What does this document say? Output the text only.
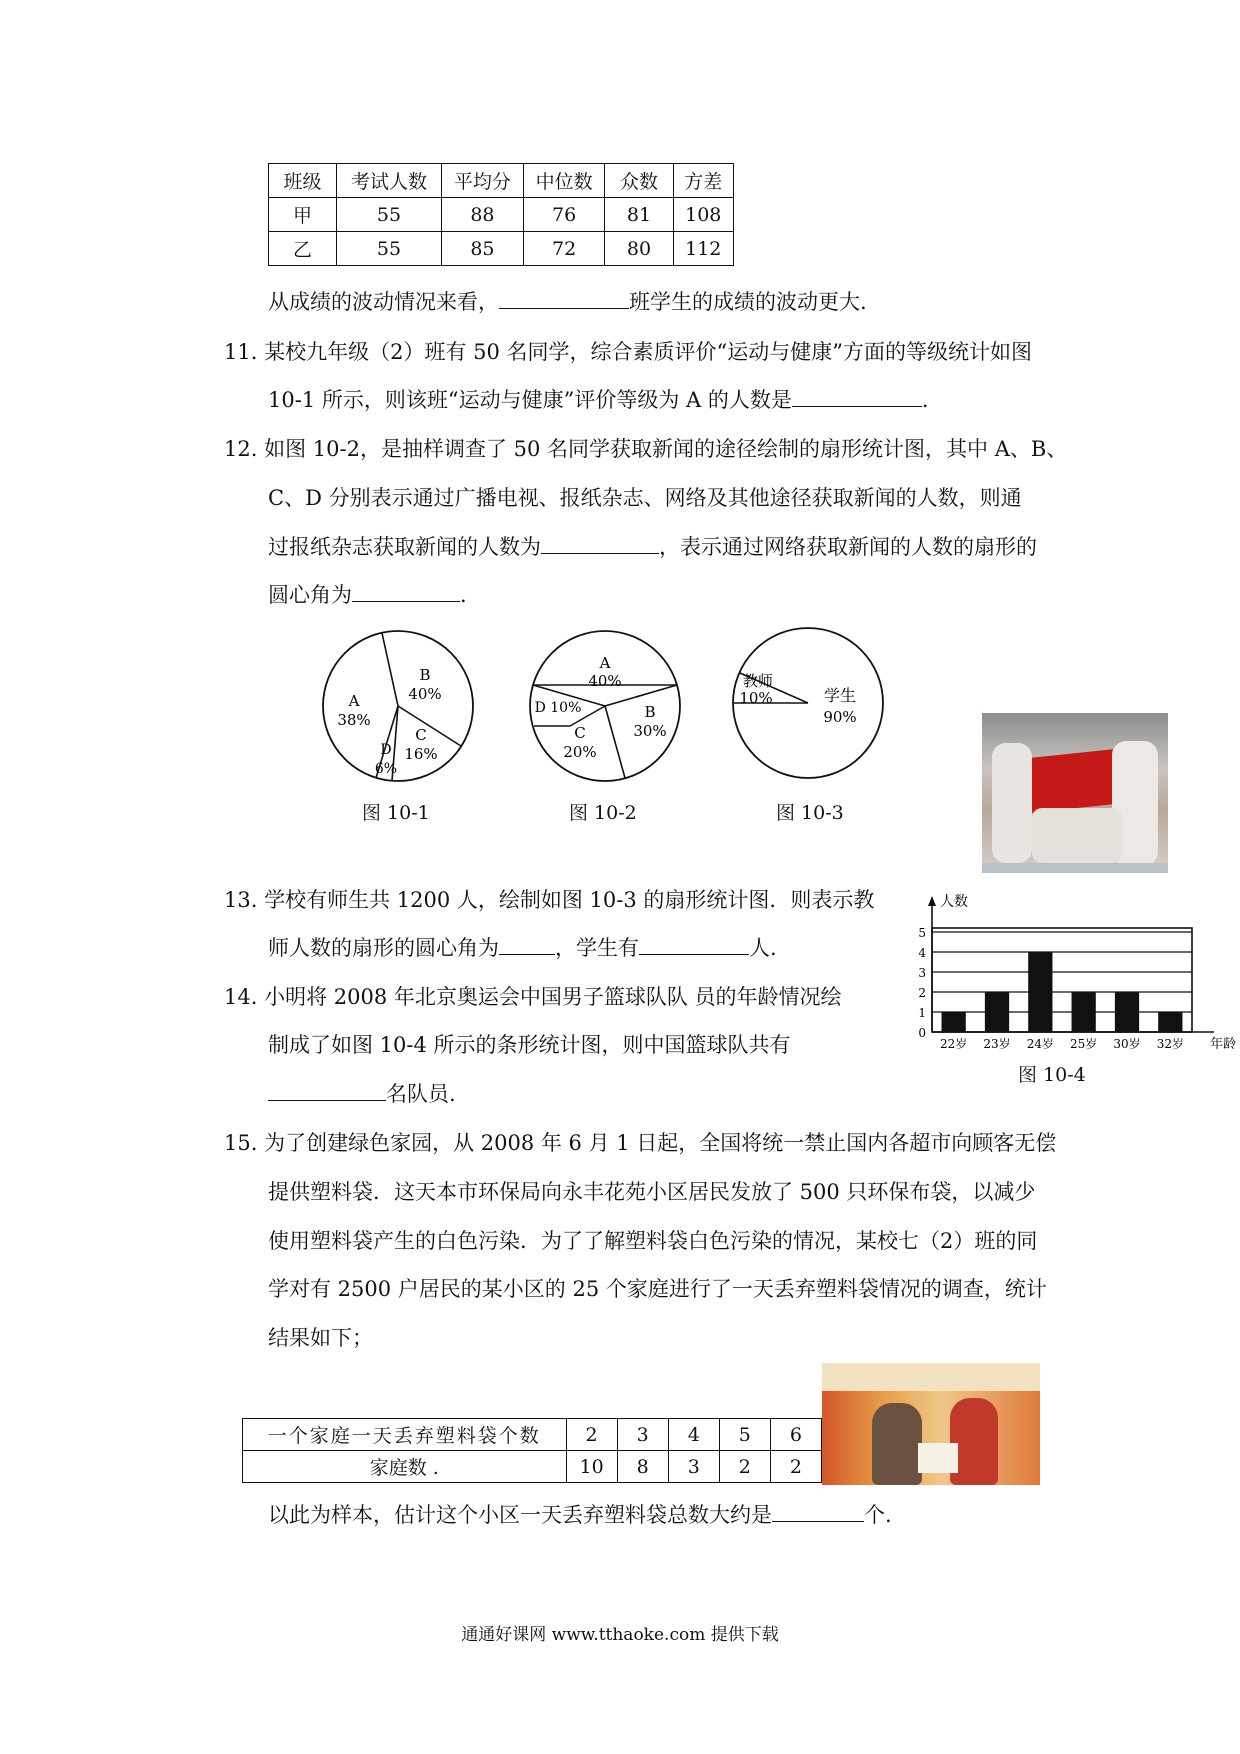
班级	考试人数	平均分	中位数	众数	方差
甲	55	88	76	81	108
乙	55	85	72	80	112
从成绩的波动情况来看，	班学生的成绩的波动更大.
11. 某校九年级（2）班有 50 名同学，综合素质评价“运动与健康”方面的等级统计如图
10-1 所示，则该班“运动与健康”评价等级为 A 的人数是	.
12. 如图 10-2，是抽样调查了 50 名同学获取新闻的途径绘制的扇形统计图，其中 A、B、
C、D 分别表示通过广播电视、报纸杂志、网络及其他途径获取新闻的人数，则通
过报纸杂志获取新闻的人数为	，表示通过网络获取新闻的人数的扇形的
圆心角为	.
A
38%
B
40%
C
16%
D
6%
A
40%
B
30%
C
20%
D 10%
教师
10%	学生
90%
图 10-1	图 10-2	图 10-3
13. 学校有师生共 1200 人，绘制如图 10-3 的扇形统计图．则表示教
师人数的扇形的圆心角为	，学生有	人.
14. 小明将 2008 年北京奥运会中国男子篮球队队 员的年龄情况绘
制成了如图 10-4 所示的条形统计图，则中国篮球队共有
名队员.
0
1
2
3
4
5
人数
年龄
22岁 23岁 24岁 25岁 30岁 32岁
图 10-4
15. 为了创建绿色家园，从 2008 年 6 月 1 日起，全国将统一禁止国内各超市向顾客无偿
提供塑料袋．这天本市环保局向永丰花苑小区居民发放了 500 只环保布袋，以减少
使用塑料袋产生的白色污染．为了了解塑料袋白色污染的情况，某校七（2）班的同
学对有 2500 户居民的某小区的 25 个家庭进行了一天丢弃塑料袋情况的调查，统计
结果如下；
一个家庭一天丢弃塑料袋个数	2	3	4	5	6
家庭数 .	10	8	3	2	2
以此为样本，估计这个小区一天丢弃塑料袋总数大约是	个.
通通好课网 www.tthaoke.com 提供下载
